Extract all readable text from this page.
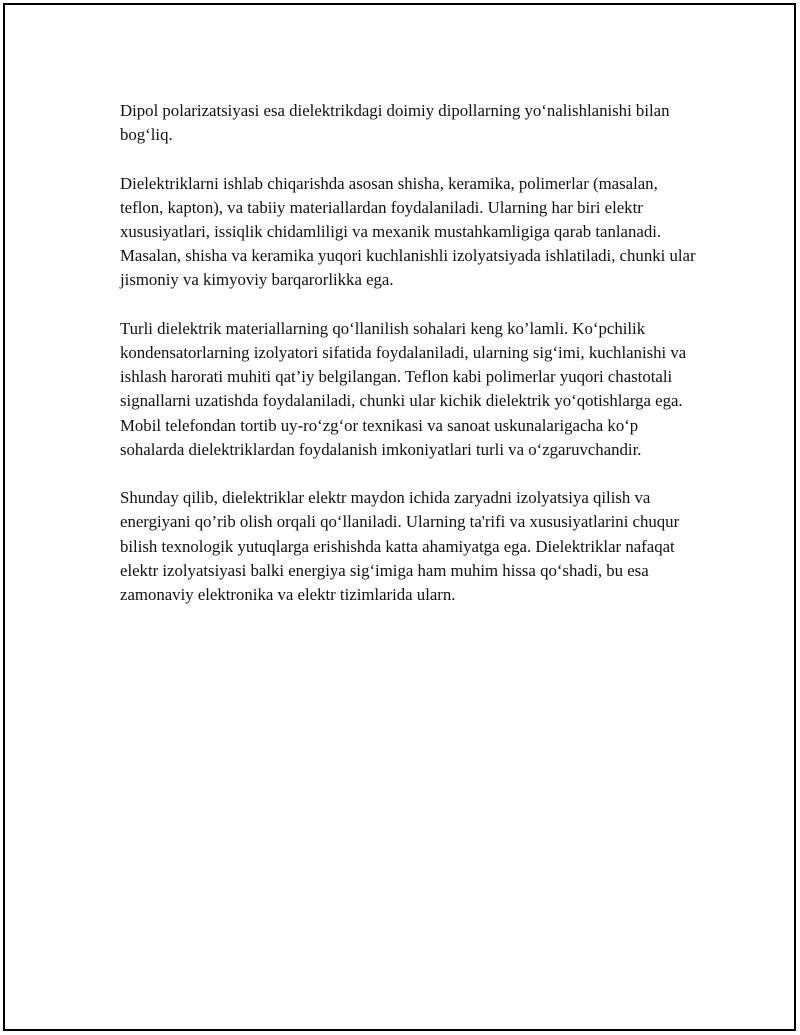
Dipol polarizatsiyasi esa dielektrikdagi doimiy dipollarning yo‘nalishlanishi bilan bog‘liq.

Dielektriklarni ishlab chiqarishda asosan shisha, keramika, polimerlar (masalan, teflon, kapton), va tabiiy materiallardan foydalaniladi. Ularning har biri elektr xususiyatlari, issiqlik chidamliligi va mexanik mustahkamligiga qarab tanlanadi. Masalan, shisha va keramika yuqori kuchlanishli izolyatsiyada ishlatiladi, chunki ular jismoniy va kimyoviy barqarorlikka ega.

Turli dielektrik materiallarning qo‘llanilish sohalari keng ko’lamli. Ko‘pchilik kondensatorlarning izolyatori sifatida foydalaniladi, ularning sig‘imi, kuchlanishi va ishlash harorati muhiti qat’iy belgilangan. Teflon kabi polimerlar yuqori chastotali signallarni uzatishda foydalaniladi, chunki ular kichik dielektrik yo‘qotishlarga ega. Mobil telefondan tortib uy-ro‘zg‘or texnikasi va sanoat uskunalarigacha ko‘p sohalarda dielektriklardan foydalanish imkoniyatlari turli va o‘zgaruvchandir.

Shunday qilib, dielektriklar elektr maydon ichida zaryadni izolyatsiya qilish va energiyani qo’rib olish orqali qo‘llaniladi. Ularning ta'rifi va xususiyatlarini chuqur bilish texnologik yutuqlarga erishishda katta ahamiyatga ega. Dielektriklar nafaqat elektr izolyatsiyasi balki energiya sig‘imiga ham muhim hissa qo‘shadi, bu esa zamonaviy elektronika va elektr tizimlarida ularn.
